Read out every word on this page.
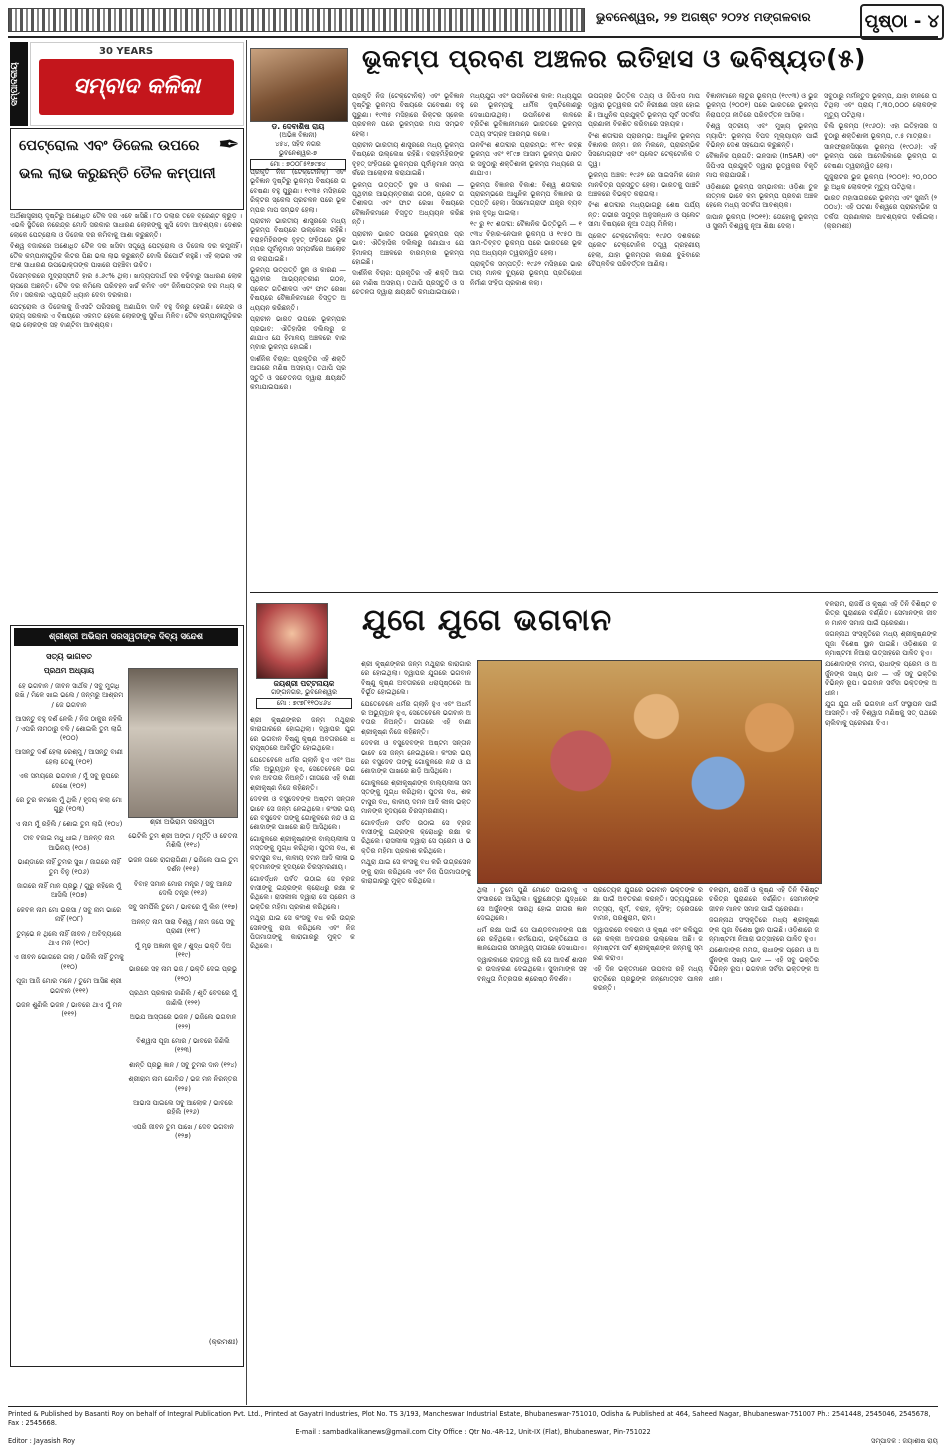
ଭୁବନେଶ୍ୱର, ୨୭ ଅଗଷ୍ଟ ୨୦୨୪ ମଙ୍ଗଳବାର	ପୃଷ୍ଠା - ୪
ସମ୍ପାଦକୀୟ
30 YEARS
ସମ୍ବାଦ କଳିକା
ପେଟ୍ରୋଲ ଏବଂ ଡିଜେଲ ଉପରେ
ଭଲ ଲାଭ କରୁଛନ୍ତି ତୈଳ କମ୍ପାନୀ
✒

ଅର୍ଥଶାସ୍ତ୍ରୀୟ ଦୃଷ୍ଟିରୁ ଅଶୋଧିତ ତୈଳ ଦର ଏବେ ଖସିଛି। ୮୦ ଡଲାର ତଳେ ବ୍ରେଣ୍ଟ କ୍ରୁଡ଼ । ଏଭଳି ସ୍ଥିତିରେ ନରେନ୍ଦ୍ର ମୋଦି ସରକାର ସାଧାରଣ ଲୋକଙ୍କୁ ଖୁସି ଦେବା ଆବଶ୍ୟକ। ଦେଶର ଲୋକେ ପେଟ୍ରୋଲ ଓ ଡିଜେଲ ଦର କମିବାକୁ ଆଶା କରୁଛନ୍ତି।

ବିଶ୍ୱ ବଜାରରେ ଅଶୋଧିତ ତୈଳ ଦର ଖସିବା ସତ୍ତ୍ୱେ ପେଟ୍ରୋଲ ଓ ଡିଜେଲ ଦର କମୁନାହିଁ। ତୈଳ କମ୍ପାନୀଗୁଡ଼ିକ ଲିଟର ପିଛା ଭଲ ଲାଭ କରୁଛନ୍ତି ବୋଲି ରିପୋର୍ଟ କହୁଛି। ଏହି ଲାଭର ଏକ ଅଂଶ ସାଧାରଣ ଉପଭୋକ୍ତାଙ୍କ ପାଖରେ ପହଞ୍ଚିବା ଉଚିତ।

ଡିସେମ୍ବରରେ ମୁଦ୍ରାସ୍ଫୀତି ହାର ୫.୬୯% ଥିଲା। ଖାଦ୍ୟପଦାର୍ଥ ଦର ବଢ଼ିବାରୁ ସାଧାରଣ ଲୋକ ଚାପରେ ଅଛନ୍ତି। ତୈଳ ଦର କମିଲେ ପରିବହନ ଖର୍ଚ୍ଚ କମିବ ଏବଂ ଜିନିଷପତ୍ରର ଦର ମଧ୍ୟ କମିବ। ସରକାର ଏଥିପ୍ରତି ଧ୍ୟାନ ଦେବା ଦରକାର।

ପେଟ୍ରୋଲ ଓ ଡିଜେଲକୁ ଜିଏସଟି ପରିସରକୁ ଅଣାଯିବା ଦାବି ବହୁ ଦିନରୁ ହେଉଛି। କେନ୍ଦ୍ର ଓ ରାଜ୍ୟ ସରକାର ଏ ବିଷୟରେ ଏକମତ ହେଲେ ଲୋକଙ୍କୁ ସୁବିଧା ମିଳିବ। ତୈଳ କମ୍ପାନୀଗୁଡ଼ିକର ଲାଭ ଲୋକଙ୍କ ସହ ବାଣ୍ଟିବା ଆବଶ୍ୟକ।

ଡ. ଦେବାଶିଷ ରାୟ
(ଅଭିଜ୍ଞ ବିଜ୍ଞାନୀ)
୪୫୪, ସହିଦ ନଗର
ଭୁବନେଶ୍ୱର-୭
ମୋ : ୭୦୦୮୫୧୭୯୭୪
ଭୂକମ୍ପ ପ୍ରବଣ ଅଞ୍ଚଳର ଇତିହାସ ଓ ଭବିଷ୍ୟତ(୫)

ପ୍ରକୃତି ନିଜ (ଟେକ୍ଟୋନିକ୍) ଏବଂ ଭୂବିଜ୍ଞାନ ଦୃଷ୍ଟିରୁ ଭୂକମ୍ପ ବିଷୟରେ ଗବେଷଣା ବହୁ ପୁରୁଣା। ୧୯୩୫ ମସିହାରେ ରିକ୍ଟର ସ୍କେଲ ପ୍ରଚଳନ ପରେ ଭୂକମ୍ପର ମାପ ସମ୍ଭବ ହେଲା।

ପ୍ରାଚୀନ ଭାରତୀୟ ଶାସ୍ତ୍ରରେ ମଧ୍ୟ ଭୂକମ୍ପ ବିଷୟରେ ଉଲ୍ଲେଖ ରହିଛି। ବରାହମିହିରଙ୍କ ବୃହତ୍ ସଂହିତାରେ ଭୂକମ୍ପର ପୂର୍ବାନୁମାନ ସମ୍ପର୍କରେ ଆଲୋଚନା କରାଯାଇଛି।

ଭୂକମ୍ପ ଉତ୍ପତ୍ତି ସ୍ଥଳ ଓ କାରଣ — ପୃଥିବୀର ଆଭ୍ୟନ୍ତରୀଣ ଗଠନ, ପ୍ଲେଟ ଗତିଶୀଳତା ଏବଂ ଫାଟ ରେଖା ବିଷୟରେ ବୈଜ୍ଞାନିକମାନେ ବିସ୍ତୃତ ଅଧ୍ୟୟନ କରିଛନ୍ତି।

ପ୍ରାଚୀନ ଭାରତ ଉପରେ ଭୂକମ୍ପର ପ୍ରଭାବ: ଐତିହାସିକ ଦଲିଲରୁ ଜଣାଯାଏ ଯେ ହିମାଳୟ ଅଞ୍ଚଳରେ ବାରମ୍ବାର ଭୂକମ୍ପ ହୋଇଛି।

ଦାର୍ଶନିକ ବିଚାର: ପ୍ରକୃତିର ଏହି ଶକ୍ତି ଆଗରେ ମଣିଷ ଅସହାୟ। ତଥାପି ପ୍ରସ୍ତୁତି ଓ ସଚେତନତା ଦ୍ୱାରା କ୍ଷୟକ୍ଷତି କମାଯାଇପାରେ।

ପ୍ରକୃତି ନିଜ (ଟେକ୍ଟୋନିକ୍) ଏବଂ ଭୂବିଜ୍ଞାନ ଦୃଷ୍ଟିରୁ ଭୂକମ୍ପ ବିଷୟରେ ଗବେଷଣା ବହୁ ପୁରୁଣା। ୧୯୩୫ ମସିହାରେ ରିକ୍ଟର ସ୍କେଲ ପ୍ରଚଳନ ପରେ ଭୂକମ୍ପର ମାପ ସମ୍ଭବ ହେଲା।

ପ୍ରାଚୀନ ଭାରତୀୟ ଶାସ୍ତ୍ରରେ ମଧ୍ୟ ଭୂକମ୍ପ ବିଷୟରେ ଉଲ୍ଲେଖ ରହିଛି। ବରାହମିହିରଙ୍କ ବୃହତ୍ ସଂହିତାରେ ଭୂକମ୍ପର ପୂର୍ବାନୁମାନ ସମ୍ପର୍କରେ ଆଲୋଚନା କରାଯାଇଛି।

ଭୂକମ୍ପ ଉତ୍ପତ୍ତି ସ୍ଥଳ ଓ କାରଣ — ପୃଥିବୀର ଆଭ୍ୟନ୍ତରୀଣ ଗଠନ, ପ୍ଲେଟ ଗତିଶୀଳତା ଏବଂ ଫାଟ ରେଖା ବିଷୟରେ ବୈଜ୍ଞାନିକମାନେ ବିସ୍ତୃତ ଅଧ୍ୟୟନ କରିଛନ୍ତି।

ପ୍ରାଚୀନ ଭାରତ ଉପରେ ଭୂକମ୍ପର ପ୍ରଭାବ: ଐତିହାସିକ ଦଲିଲରୁ ଜଣାଯାଏ ଯେ ହିମାଳୟ ଅଞ୍ଚଳରେ ବାରମ୍ବାର ଭୂକମ୍ପ ହୋଇଛି।

ଦାର୍ଶନିକ ବିଚାର: ପ୍ରକୃତିର ଏହି ଶକ୍ତି ଆଗରେ ମଣିଷ ଅସହାୟ। ତଥାପି ପ୍ରସ୍ତୁତି ଓ ସଚେତନତା ଦ୍ୱାରା କ୍ଷୟକ୍ଷତି କମାଯାଇପାରେ।

ମଧ୍ୟଯୁଗ ଏବଂ ଉପନିବେଶ କାଳ: ମଧ୍ୟଯୁଗରେ ଭୂକମ୍ପକୁ ଧାର୍ମିକ ଦୃଷ୍ଟିକୋଣରୁ ଦେଖାଯାଉଥିଲା। ଉପନିବେଶ କାଳରେ ବ୍ରିଟିଶ ଭୂବିଜ୍ଞାନୀମାନେ ଭାରତରେ ଭୂକମ୍ପ ତଥ୍ୟ ସଂଗ୍ରହ ଆରମ୍ଭ କଲେ।

ଉନବିଂଶ ଶତାବ୍ଦୀର ପ୍ରାରମ୍ଭ: ୧୮୧୯ କଚ୍ଛ ଭୂକମ୍ପ ଏବଂ ୧୮୯୭ ଆସାମ ଭୂକମ୍ପ ଭାରତର ସବୁଠାରୁ ଶକ୍ତିଶାଳୀ ଭୂକମ୍ପ ମଧ୍ୟରେ ଗଣାଯାଏ।

ଭୂକମ୍ପ ବିଜ୍ଞାନର ବିକାଶ: ବିଶ୍ୱ ଶତାବ୍ଦୀର ପ୍ରାରମ୍ଭରେ ଆଧୁନିକ ଭୂକମ୍ପ ବିଜ୍ଞାନର ଉତ୍ପତ୍ତି ହେଲା। ସିସମୋଗ୍ରାଫ ଯନ୍ତ୍ର ବ୍ୟବହାର ବୃଦ୍ଧି ପାଇଲା।

୧୯ ରୁ ୧୯ ଶତାବ୍ଦୀ: ବୈଜ୍ଞାନିକ ଭିତ୍ତିଭୂମି — ୧୯୩୪ ବିହାର-ନେପାଳ ଭୂକମ୍ପ ଓ ୧୯୫୦ ଆସାମ-ତିବ୍ବତ ଭୂକମ୍ପ ପରେ ଭାରତରେ ଭୂକମ୍ପ ଅଧ୍ୟୟନ ତ୍ୱରାନ୍ୱିତ ହେଲା।

ପ୍ରାକୃତିକ ସମ୍ପତ୍ତି: ୧୯୬୨ ମସିହାରେ ଭାରତୀୟ ମାନକ ବ୍ୟୁରୋ ଭୂକମ୍ପ ପ୍ରତିରୋଧୀ ନିର୍ମାଣ ସଂହିତା ପ୍ରକାଶ କଲା।

ଉପଗ୍ରହ ଭିତ୍ତିକ ତଥ୍ୟ ଓ ଜିପିଏସ ମାପ ଦ୍ୱାରା ଭୂତ୍ୱକର ଗତି ନିରୀକ୍ଷଣ ସହଜ ହୋଇଛି। ଆଧୁନିକ ପ୍ରଯୁକ୍ତି ଭୂକମ୍ପ ପୂର୍ବ ସତର୍କତା ପ୍ରଣାଳୀ ବିକଶିତ କରିବାରେ ସହାୟକ।

ବିଂଶ ଶତାବ୍ଦୀର ପ୍ରାରମ୍ଭ: ଆଧୁନିକ ଭୂକମ୍ପ ବିଜ୍ଞାନର ଜନ୍ମ। ଜନ ମିଲନେ, ପ୍ରାରମ୍ଭିକ ସିସମୋଗ୍ରାଫ ଏବଂ ପ୍ଲେଟ ଟେକ୍ଟୋନିକ ତତ୍ତ୍ୱ।

ଭୂକମ୍ପ ଅଞ୍ଚଳ: ୧୯୬୨ ରେ ସାଇସମିକ ଜୋନ ମାନଚିତ୍ର ପ୍ରସ୍ତୁତ ହେଲା। ଭାରତକୁ ପାଞ୍ଚଟି ଅଞ୍ଚଳରେ ବିଭକ୍ତ କରାଗଲା।

ବିଂଶ ଶତାବ୍ଦୀର ମଧ୍ୟଭାଗରୁ ଶେଷ ପର୍ଯ୍ୟନ୍ତ: ଗଭୀର ସମୁଦ୍ର ଅନୁସନ୍ଧାନ ଓ ପ୍ଲେଟ ସୀମା ବିଷୟରେ ନୂଆ ତଥ୍ୟ ମିଳିଲା।

ପ୍ଲେଟ ଟେକ୍ଟୋନିକ୍ସ: ୧୯୬୦ ଦଶକରେ ପ୍ଲେଟ ଟେକ୍ଟୋନିକ ତତ୍ତ୍ୱ ଗ୍ରହଣୀୟ ହେଲା, ଯାହା ଭୂକମ୍ପର କାରଣ ବୁଝିବାରେ ବୈପ୍ଳବିକ ପରିବର୍ତ୍ତନ ଆଣିଲା।

ବିଜ୍ଞାନୀମାନେ ଲାତୁର ଭୂକମ୍ପ (୧୯୯୩) ଓ ଭୁଜ ଭୂକମ୍ପ (୨୦୦୧) ପରେ ଭାରତରେ ଭୂକମ୍ପ ନିରାପତ୍ତା ନୀତିରେ ପରିବର୍ତ୍ତନ ଆସିଲା।

ବିଶ୍ୱ ସ୍ତରୀୟ ଏବଂ ମୁଖ୍ୟ ଭୂକମ୍ପ ମ୍ୟାପିଂ: ଭୂକମ୍ପ ବିପଦ ମୂଲ୍ୟାୟନ ପାଇଁ ବିଭିନ୍ନ ଦେଶ ସହଯୋଗ କରୁଛନ୍ତି।

ବୈଜ୍ଞାନିକ ପ୍ରଗତି: ଇନସାର (InSAR) ଏବଂ ଜିପିଏସ ପ୍ରଯୁକ୍ତି ଦ୍ୱାରା ଭୂତ୍ୱକର ବିକୃତି ମାପ କରାଯାଉଛି।

ଓଡ଼ିଶାରେ ଭୂକମ୍ପ ସମ୍ଭାବନା: ଓଡ଼ିଶା ତୁଳନାତ୍ମକ ଭାବେ କମ ଭୂକମ୍ପ ପ୍ରବଣ ଅଞ୍ଚଳ ହେଲେ ମଧ୍ୟ ସତର୍କତା ଆବଶ୍ୟକ।

ଜାପାନ ଭୂକମ୍ପ (୨୦୧୧): ତୋହୋକୁ ଭୂକମ୍ପ ଓ ସୁନାମି ବିଶ୍ୱକୁ ନୂଆ ଶିକ୍ଷା ଦେଲା।

ସବୁଠାରୁ ମର୍ମନ୍ତୁଦ ଭୂକମ୍ପ, ଯାହା ଚୀନରେ ଘଟିଥିଲା ଏବଂ ପ୍ରାୟ ୮,୩୦,୦୦୦ ଲୋକଙ୍କ ମୃତ୍ୟୁ ଘଟିଥିଲା।

ଚିଲି ଭୂକମ୍ପ (୧୯୬୦): ଏହା ଇତିହାସର ସବୁଠାରୁ ଶକ୍ତିଶାଳୀ ଭୂକମ୍ପ, ୯.୫ ମାତ୍ରାର।

ସାନଫ୍ରାନସିସ୍କୋ ଭୂକମ୍ପ (୧୯୦୬): ଏହି ଭୂକମ୍ପ ପରେ ଆମେରିକାରେ ଭୂକମ୍ପ ଗବେଷଣା ତ୍ୱରାନ୍ୱିତ ହେଲା।

ଗୁଜୁରାଟର ଭୁଜ ଭୂକମ୍ପ (୨୦୦୧): ୨୦,୦୦୦ ରୁ ଅଧିକ ଲୋକଙ୍କ ମୃତ୍ୟୁ ଘଟିଥିଲା।

ଭାରତ ମହାସାଗରରେ ଭୂକମ୍ପ ଏବଂ ସୁନାମି (୨୦୦୪): ଏହି ଘଟଣା ବିଶ୍ୱରେ ପ୍ରାରମ୍ଭିକ ସତର୍କତା ପ୍ରଣାଳୀର ଆବଶ୍ୟକତା ଦର୍ଶାଇଲା। (କ୍ରମଶଃ)

ଶ୍ରୀଶ୍ରୀ ଅଭିରାମ ସରସ୍ୱତୀଙ୍କ ଦିବ୍ୟ ସନ୍ଦେଶ
ସତ୍ୟ ଭାଗବତ
ପ୍ରଥମ ଅଧ୍ୟାୟ
ଶ୍ରୀ ଅଭିରାମ ସରସ୍ୱତୀ

ହେ ଭଗବାନ / ଜୀବନ ସାର୍ଥକ / ସବୁ ମୁଗଧି ରଖି / ମିଳେ ଖାଇ ଭଲେ / ଜନ୍ମରୁ ଆଶ୍ରମ / ଜେ ଭଗବାନ

ଆସନ୍ତୁ ବହୁ ଦର୍ଶ ନେଲି / ନିଜ ଠାକୁର ନହିଲି / ଏପରି ନାମଠାରୁ ବଳି / ଶୋଇଲି ତୁମ ଲାଗି (୧୦୦)

ଆସନ୍ତୁ ଦର୍ଶ ହେଲା ରେଶ୍ମୁ / ଆସନ୍ତୁ ବାଣୀ ହେଲା ତେଣୁ (୧୦୧)

ଏକ ସମୟରେ ଭଗବାନ / ମୁଁ ସବୁ ରୂପରେ ଦେଖେ (୧୦୨)

ରେ ତୁର କମଲେ ମୁଁ ଥିଲି / ହୃଦୟ କଲା ମୋ ଗୁରୁ (୧୦୩)

ଏ ନାମ ମୁଁ ରହିଲି / ଶୋଇ ତୁମ ଲାଗି (୧୦୪)

ତୀବ ବଜାଇ ମଧୁ ଧାଇ / ଅନନ୍ତ ନାମ ଆଭିନୟ (୧୦୫)

ଭାଣ୍ଡାରେ ନାହିଁ ତୁମର ସୁଖ / ଜାଗରେ ନାହିଁ ତୁମ ବିନୁ (୧୦୬)

ଜାଗରେ ନାହିଁ ମାନ ପ୍ରଭୁ / ଗୁରୁ କହିଲେ ମୁଁ ଆସିଲି (୧୦୭)

କେବଳ ନାମ ମୋ ଭରସା / ସବୁ ନାମ ଭାରେ ନାହିଁ (୧୦୮)

ତୁମ୍ଭେ ନ ଥିଲେ ନାହିଁ ଜୀବନ / ଅବିଦ୍ୟାରେ ଥାଏ ମନ (୧୦୯)

ଏ ଜୀବନ ଭୋଗରେ ଗଲା / ଭଜିଲି ନାହିଁ ତୁମକୁ (୧୧୦)

ପୂଜା ଆଜି ମୋର ମନେ / ତୁମେ ଆସିଛ ଶ୍ରୀ ଭଗବାନ (୧୧୧)

ଭଜନ ଶୁଣିଲି ଭଜନ / ଭାବରେ ଥାଏ ମୁଁ ମନ (୧୧୨)

ଭେଟିଲି ତୁମ ଶ୍ରୀ ଅଙ୍ଗ / ମୂର୍ତ୍ତି ଓ ଚେତନା ମିଶିଲି (୧୧୪)

ଭଜନ ତାରେ ରାଗରାଗିଣୀ / ଭଜିଲେ ପାଇ ତୁମ ଦର୍ଶନ (୧୧୫)

ବିବାହ ସମାନ ମୋର ମନ୍ତ୍ର / ସବୁ ଆନନ୍ଦ ଦେଲି ତନ୍ତ୍ର (୧୧୬)

ସବୁ ସମର୍ପିଲି ତୁମେ / ଭାବରେ ମୁଁ ଲିନ (୧୧୭)

ଅନନ୍ତ ନାମ ସାରା ବିଶ୍ୱ / ନାମ ଜପେ ସବୁ ପ୍ରାଣୀ (୧୧୮)

ମୁଁ ମୃଢ ଅଜ୍ଞାନୀ କୁଳ / ଶୁଦ୍ଧ ଭକ୍ତି ଦିଅ (୧୧୯)

ଭାରରେ ସହ ନାମ ଭଜ / ଭକ୍ତି ଦେଇ ପ୍ରଭୁ (୧୨୦)

ପ୍ରଥମ ପ୍ରକାର ଜାଣିଲି / ଶୃତି ବେଦରେ ମୁଁ ଜାଣିଲି (୧୨୧)

ଅଭଯ ଆସ୍ତାରେ ଭଜନ / ଭଜିଲେ ଭଗବାନ (୧୨୨)

ବିଶ୍ୱାସ ପୂଜା ମୋର / ଭାବରେ ଜିଣିଲି (୧୨୩)

ଶାନ୍ତି ପ୍ରଭୁ ଜ୍ଞାନ / ସବୁ ତୁମର ଦାନ (୧୨୪)

ଶ୍ରୀରାମ ନାମ ଗୋବିନ୍ଦ / ଭଜ ମନ ନିରନ୍ତର (୧୨୫)

ଆଭାସ ପାଇଲେ ସବୁ ଆଲୋକ / ଭାବରେ ରହିଲି (୧୨୬)

ଏପରି ଜୀବନ ତୁମ ପାଖେ / ଦେବ ଭଗବାନ (୧୨୭)

(କ୍ରମଶଃ)
ଜୟଶ୍ରୀ ପଟ୍ଟନାୟକ
ଗଙ୍ଗନଗର, ଭୁବନେଶ୍ୱର
ମୋ : ୭୯୭୮୧୧୦୪୬୪
ଯୁଗେ ଯୁଗେ ଭଗବାନ

ଶ୍ରୀ କୃଷ୍ଣଙ୍କର ଜନ୍ମ ମଥୁରାର କାରାଗାରରେ ହୋଇଥିଲା। ଦ୍ୱାପର ଯୁଗରେ ଭଗବାନ ବିଷ୍ଣୁ କୃଷ୍ଣ ଅବତାରରେ ଧରାପୃଷ୍ଠରେ ଆବିର୍ଭୂତ ହୋଇଥିଲେ।

ଯେତେବେଳେ ଧର୍ମର ଗ୍ଲାନି ହୁଏ ଏବଂ ଅଧର୍ମର ଅଭ୍ୟୁତ୍ଥାନ ହୁଏ, ସେତେବେଳେ ଭଗବାନ ଅବତାର ନିଅନ୍ତି। ଗୀତାରେ ଏହି ବାଣୀ ଶ୍ରୀକୃଷ୍ଣ ନିଜେ କହିଛନ୍ତି।

ଦେବକୀ ଓ ବସୁଦେବଙ୍କ ଅଷ୍ଟମ ସନ୍ତାନ ଭାବେ ସେ ଜନ୍ମ ନେଇଥିଲେ। କଂସର ଭୟରେ ବସୁଦେବ ତାଙ୍କୁ ଗୋକୁଳରେ ନନ୍ଦ ଓ ଯଶୋଦାଙ୍କ ପାଖରେ ଛାଡ଼ି ଆସିଥିଲେ।

ଗୋକୁଳରେ ଶ୍ରୀକୃଷ୍ଣଙ୍କ ବାଲ୍ୟଲୀଳା ସମସ୍ତଙ୍କୁ ମୁଗ୍ଧ କରିଥିଲା। ପୁତନା ବଧ, ଶକଟାସୁର ବଧ, କାଳୀୟ ଦମନ ଆଦି ଲୀଳା ଭକ୍ତମାନଙ୍କ ହୃଦୟରେ ଚିରସ୍ମରଣୀୟ।

ଗୋବର୍ଦ୍ଧନ ପର୍ବତ ଉଠାଇ ସେ ବ୍ରଜବାସୀଙ୍କୁ ଇନ୍ଦ୍ରଙ୍କ କ୍ରୋଧରୁ ରକ୍ଷା କରିଥିଲେ। ରାସଲୀଳା ଦ୍ୱାରା ସେ ପ୍ରେମ ଓ ଭକ୍ତିର ମହିମା ପ୍ରକାଶ କରିଥିଲେ।

ମଥୁରା ଯାଇ ସେ କଂସକୁ ବଧ କରି ଉଗ୍ରସେନଙ୍କୁ ରାଜା କରିଥିଲେ ଏବଂ ନିଜ ପିତାମାତାଙ୍କୁ କାରାଗାରରୁ ମୁକ୍ତ କରିଥିଲେ।

ଶ୍ରୀ କୃଷ୍ଣଙ୍କର ଜନ୍ମ ମଥୁରାର କାରାଗାରରେ ହୋଇଥିଲା। ଦ୍ୱାପର ଯୁଗରେ ଭଗବାନ ବିଷ୍ଣୁ କୃଷ୍ଣ ଅବତାରରେ ଧରାପୃଷ୍ଠରେ ଆବିର୍ଭୂତ ହୋଇଥିଲେ।

ଯେତେବେଳେ ଧର୍ମର ଗ୍ଲାନି ହୁଏ ଏବଂ ଅଧର୍ମର ଅଭ୍ୟୁତ୍ଥାନ ହୁଏ, ସେତେବେଳେ ଭଗବାନ ଅବତାର ନିଅନ୍ତି। ଗୀତାରେ ଏହି ବାଣୀ ଶ୍ରୀକୃଷ୍ଣ ନିଜେ କହିଛନ୍ତି।

ଦେବକୀ ଓ ବସୁଦେବଙ୍କ ଅଷ୍ଟମ ସନ୍ତାନ ଭାବେ ସେ ଜନ୍ମ ନେଇଥିଲେ। କଂସର ଭୟରେ ବସୁଦେବ ତାଙ୍କୁ ଗୋକୁଳରେ ନନ୍ଦ ଓ ଯଶୋଦାଙ୍କ ପାଖରେ ଛାଡ଼ି ଆସିଥିଲେ।

ଗୋକୁଳରେ ଶ୍ରୀକୃଷ୍ଣଙ୍କ ବାଲ୍ୟଲୀଳା ସମସ୍ତଙ୍କୁ ମୁଗ୍ଧ କରିଥିଲା। ପୁତନା ବଧ, ଶକଟାସୁର ବଧ, କାଳୀୟ ଦମନ ଆଦି ଲୀଳା ଭକ୍ତମାନଙ୍କ ହୃଦୟରେ ଚିରସ୍ମରଣୀୟ।

ଗୋବର୍ଦ୍ଧନ ପର୍ବତ ଉଠାଇ ସେ ବ୍ରଜବାସୀଙ୍କୁ ଇନ୍ଦ୍ରଙ୍କ କ୍ରୋଧରୁ ରକ୍ଷା କରିଥିଲେ। ରାସଲୀଳା ଦ୍ୱାରା ସେ ପ୍ରେମ ଓ ଭକ୍ତିର ମହିମା ପ୍ରକାଶ କରିଥିଲେ।

ମଥୁରା ଯାଇ ସେ କଂସକୁ ବଧ କରି ଉଗ୍ରସେନଙ୍କୁ ରାଜା କରିଥିଲେ ଏବଂ ନିଜ ପିତାମାତାଙ୍କୁ କାରାଗାରରୁ ମୁକ୍ତ କରିଥିଲେ।

ଥିଲା । ତୁମେ ପୁଣି ମୋତେ ପାଇବାକୁ ଏ ସଂସାରରେ ଆସିଥିଲ। କୁରୁକ୍ଷେତ୍ର ଯୁଦ୍ଧରେ ସେ ଅର୍ଜୁନଙ୍କ ସାରଥି ହୋଇ ଗୀତାର ଜ୍ଞାନ ଦେଇଥିଲେ।

ଧର୍ମ ରକ୍ଷା ପାଇଁ ସେ ପାଣ୍ଡବମାନଙ୍କ ପକ୍ଷରେ ରହିଥିଲେ। କର୍ମଯୋଗ, ଭକ୍ତିଯୋଗ ଓ ଜ୍ଞାନଯୋଗର ସମନ୍ୱୟ ଗୀତାରେ ଦେଖାଯାଏ।

ଦ୍ୱାରକାରେ ରାଜତ୍ୱ କରି ସେ ଆଦର୍ଶ ଶାସନର ଉଦାହରଣ ଦେଇଥିଲେ। ସୁଦାମାଙ୍କ ସହ ବନ୍ଧୁତା ମିତ୍ରତାର ଶ୍ରେଷ୍ଠ ନିଦର୍ଶନ।

ପ୍ରତ୍ୟେକ ଯୁଗରେ ଭଗବାନ ଭକ୍ତଙ୍କ ରକ୍ଷା ପାଇଁ ଅବତରଣ କରନ୍ତି। ସତ୍ୟଯୁଗରେ ମତ୍ସ୍ୟ, କୂର୍ମ, ବରାହ, ନୃସିଂହ; ତ୍ରେତାରେ ବାମନ, ପରଶୁରାମ, ରାମ।

ଦ୍ୱାପରରେ ବଳରାମ ଓ କୃଷ୍ଣ ଏବଂ କଳିଯୁଗରେ କଳ୍କୀ ଅବତାରର ଉଲ୍ଲେଖ ଅଛି। ଜନ୍ମାଷ୍ଟମୀ ପର୍ବ ଶ୍ରୀକୃଷ୍ଣଙ୍କ ଜନ୍ମକୁ ସ୍ମରଣ କରାଏ।

ଏହି ଦିନ ଭକ୍ତମାନେ ଉପବାସ ରହି ମଧ୍ୟରାତ୍ରିରେ ପ୍ରଭୁଙ୍କ ଜନ୍ମୋତ୍ସବ ପାଳନ କରନ୍ତି।

ବଳରାମ, ରାଜର୍ଷି ଓ କୃଷ୍ଣ ଏହି ତିନି ବିଶିଷ୍ଟ ଚରିତ୍ର ପୁରାଣରେ ବର୍ଣ୍ଣିତ। ସେମାନଙ୍କ ଜୀବନ ମାନବ ସମାଜ ପାଇଁ ପ୍ରେରଣା।

ଜଗନ୍ନାଥ ସଂସ୍କୃତିରେ ମଧ୍ୟ ଶ୍ରୀକୃଷ୍ଣଙ୍କ ପୂଜା ବିଶେଷ ସ୍ଥାନ ପାଇଛି। ଓଡ଼ିଶାରେ ଜନ୍ମାଷ୍ଟମୀ ନିଆରା ଉତ୍ସାହରେ ପାଳିତ ହୁଏ।

ଯଶୋଦାଙ୍କ ମମତା, ରାଧାଙ୍କ ପ୍ରେମ ଓ ଅର୍ଜୁନଙ୍କ ସଖ୍ୟ ଭାବ — ଏହି ସବୁ ଭକ୍ତିର ବିଭିନ୍ନ ରୂପ। ଭଗବାନ ସର୍ବଦା ଭକ୍ତଙ୍କ ଅଧୀନ।

ବଳରାମ, ରାଜର୍ଷି ଓ କୃଷ୍ଣ ଏହି ତିନି ବିଶିଷ୍ଟ ଚରିତ୍ର ପୁରାଣରେ ବର୍ଣ୍ଣିତ। ସେମାନଙ୍କ ଜୀବନ ମାନବ ସମାଜ ପାଇଁ ପ୍ରେରଣା।

ଜଗନ୍ନାଥ ସଂସ୍କୃତିରେ ମଧ୍ୟ ଶ୍ରୀକୃଷ୍ଣଙ୍କ ପୂଜା ବିଶେଷ ସ୍ଥାନ ପାଇଛି। ଓଡ଼ିଶାରେ ଜନ୍ମାଷ୍ଟମୀ ନିଆରା ଉତ୍ସାହରେ ପାଳିତ ହୁଏ।

ଯଶୋଦାଙ୍କ ମମତା, ରାଧାଙ୍କ ପ୍ରେମ ଓ ଅର୍ଜୁନଙ୍କ ସଖ୍ୟ ଭାବ — ଏହି ସବୁ ଭକ୍ତିର ବିଭିନ୍ନ ରୂପ। ଭଗବାନ ସର୍ବଦା ଭକ୍ତଙ୍କ ଅଧୀନ।

ଯୁଗ ଯୁଗ ଧରି ଭଗବାନ ଧର୍ମ ସଂସ୍ଥାପନ ପାଇଁ ଆସନ୍ତି। ଏହି ବିଶ୍ୱାସ ମଣିଷକୁ ସତ୍ ପଥରେ ଚାଲିବାକୁ ପ୍ରେରଣା ଦିଏ।

Printed & Published by Basanti Roy on behalf of Integral Publication Pvt. Ltd., Printed at Gayatri Industries, Plot No. TS 3/193, Mancheswar Industrial Estate, Bhubaneswar-751010, Odisha & Published at 464, Saheed Nagar, Bhubaneswar-751007 Ph.: 2541448, 2545046, 2545678, Fax : 2545668.
E-mail : sambadkalikanews@gmail.com City Office : Qtr No.-4R-12, Unit-IX (Flat), Bhubaneswar, Pin-751022
Editor : Jayasish Roy	ସମ୍ପାଦକ : ଜୟାଶୀଷ ରାୟ
